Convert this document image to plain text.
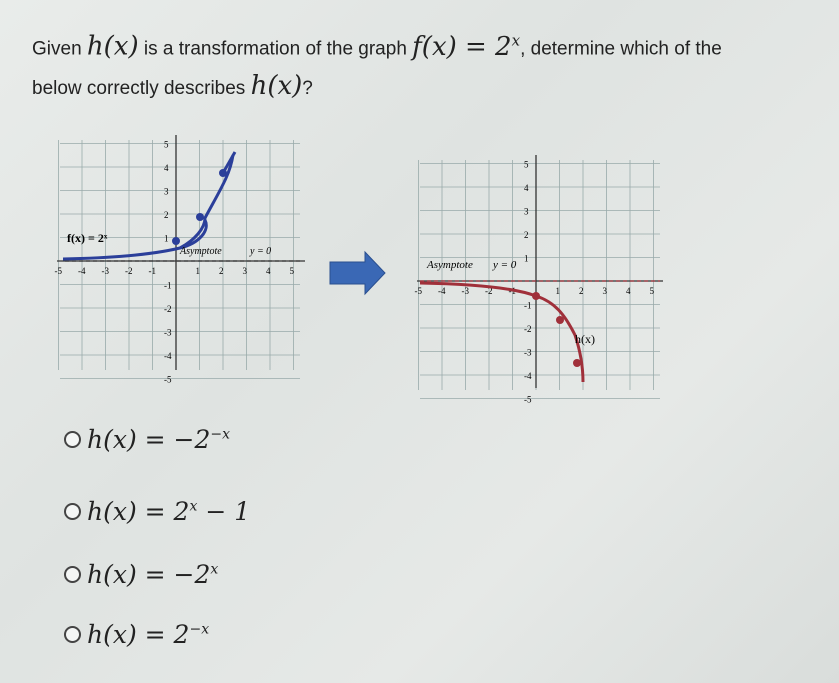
Given h(x) is a transformation of the graph $f(x) = 2^x$, determine which of the
below correctly describes h(x)?
-5 -4 -3 -2 -1	1 2 3 4 5
5
4
3
2
1
-1
-2
-3
-4
-5
f(x) = 2ˣ
Asymptote	y = 0
-5 -4 -3 -2 -1	1 2 3 4 5
5
4
3
2
1
-1
-2
-3
-4
-5
Asymptote y = 0
h(x)
$h(x) = -2^{-x}$
$h(x) = 2^x - 1$
$h(x) = -2^x$
$h(x) = 2^{-x}$
